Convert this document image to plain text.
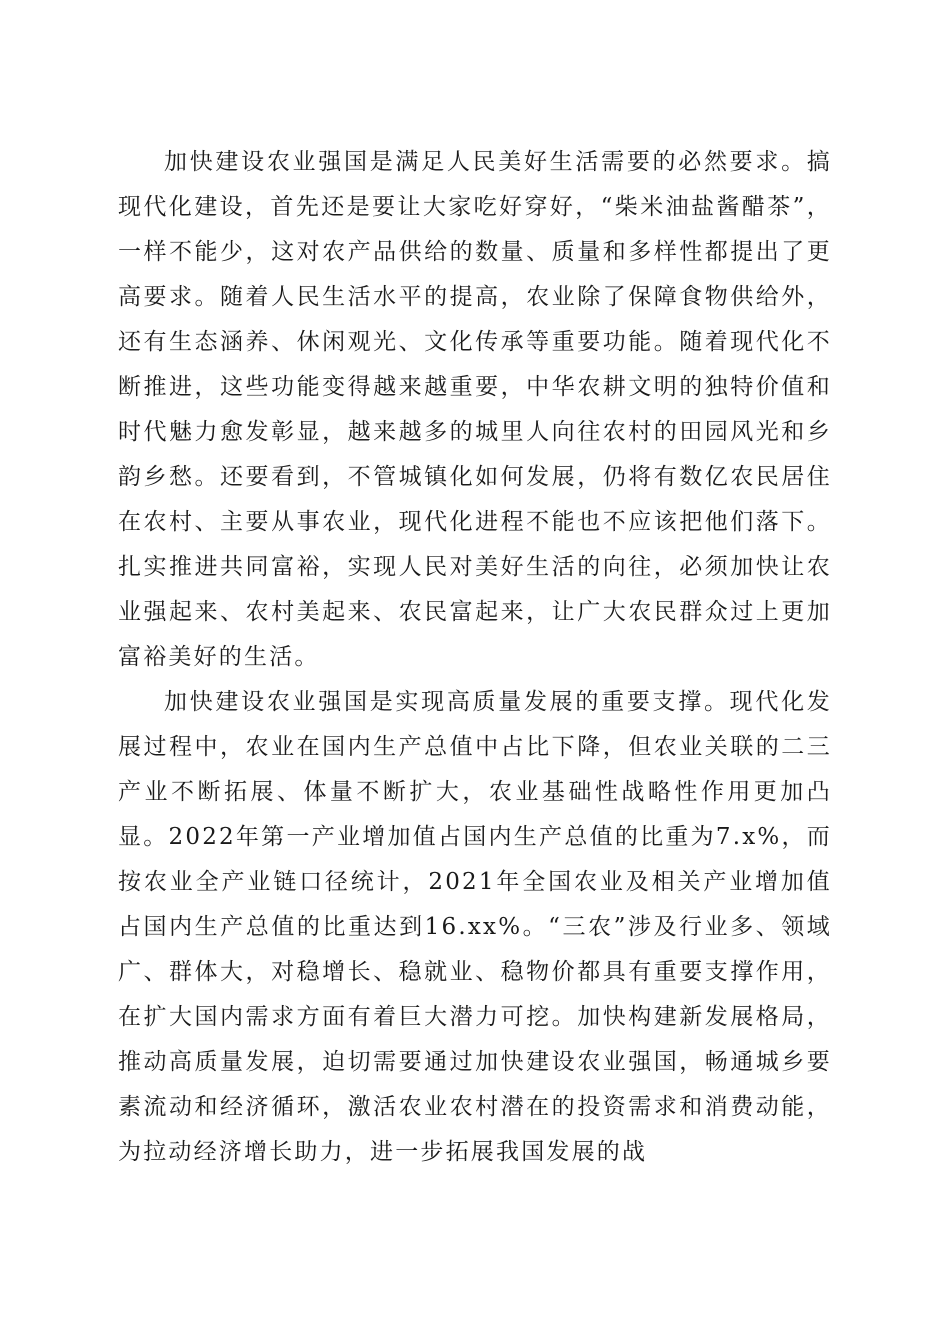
加快建设农业强国是满足人民美好生活需要的必然要求。搞现代化建设，首先还是要让大家吃好穿好，“柴米油盐酱醋茶”，一样不能少，这对农产品供给的数量、质量和多样性都提出了更高要求。随着人民生活水平的提高，农业除了保障食物供给外，还有生态涵养、休闲观光、文化传承等重要功能。随着现代化不断推进，这些功能变得越来越重要，中华农耕文明的独特价值和时代魅力愈发彰显，越来越多的城里人向往农村的田园风光和乡韵乡愁。还要看到，不管城镇化如何发展，仍将有数亿农民居住在农村、主要从事农业，现代化进程不能也不应该把他们落下。扎实推进共同富裕，实现人民对美好生活的向往，必须加快让农业强起来、农村美起来、农民富起来，让广大农民群众过上更加富裕美好的生活。

加快建设农业强国是实现高质量发展的重要支撑。现代化发展过程中，农业在国内生产总值中占比下降，但农业关联的二三产业不断拓展、体量不断扩大，农业基础性战略性作用更加凸显。2022年第一产业增加值占国内生产总值的比重为7.x%，而按农业全产业链口径统计，2021年全国农业及相关产业增加值占国内生产总值的比重达到16.xx%。“三农”涉及行业多、领域广、群体大，对稳增长、稳就业、稳物价都具有重要支撑作用，在扩大国内需求方面有着巨大潜力可挖。加快构建新发展格局，推动高质量发展，迫切需要通过加快建设农业强国，畅通城乡要素流动和经济循环，激活农业农村潜在的投资需求和消费动能，为拉动经济增长助力，进一步拓展我国发展的战
